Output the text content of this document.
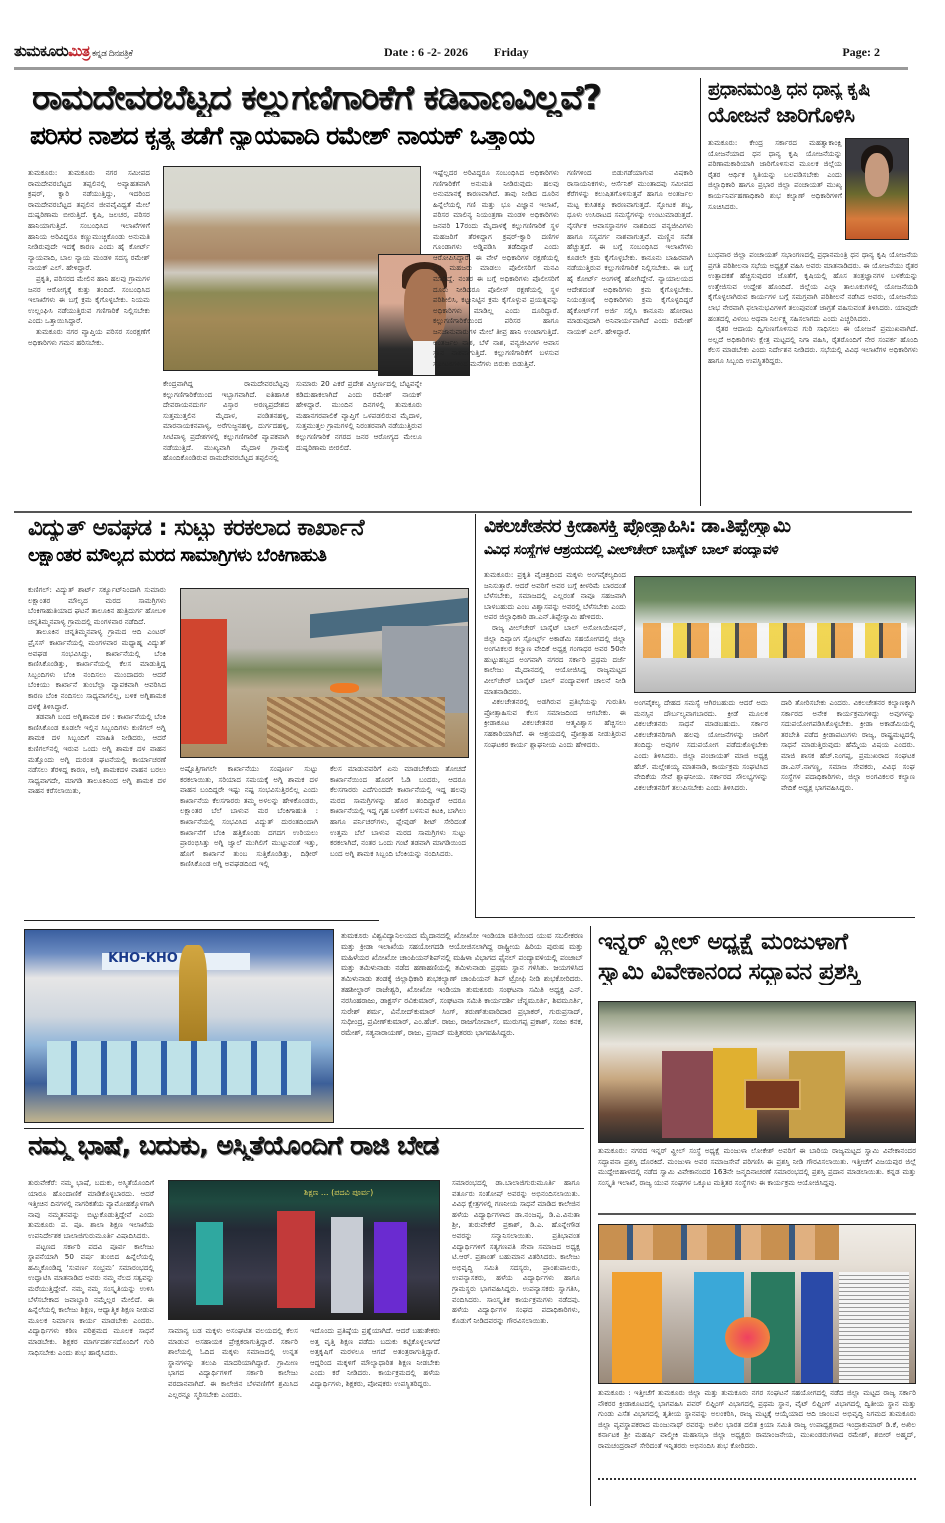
ತುಮಕೂರುಮಿತ್ರ ಕನ್ನಡ ದಿನಪತ್ರಿಕೆ	Date : 6 -2- 2026 Friday	Page: 2
ರಾಮದೇವರಬೆಟ್ಟದ ಕಲ್ಲುಗಣಿಗಾರಿಕೆಗೆ ಕಡಿವಾಣವಿಲ್ಲವೆ?
ಪರಿಸರ ನಾಶದ ಕೃತ್ಯ ತಡೆಗೆ ನ್ಯಾಯವಾದಿ ರಮೇಶ್ ನಾಯಕ್ ಒತ್ತಾಯ

ತುಮಕೂರು: ತುಮಕೂರು ನಗರ ಸಮೀಪದ ರಾಮದೇವರಬೆಟ್ಟದ ತಪ್ಪಲಿನಲ್ಲಿ ಅವ್ಯಾಹತವಾಗಿ ಕ್ರಷರ್, ಕ್ವಾರಿ ನಡೆಯುತ್ತಿದ್ದು, ಇದರಿಂದ ರಾಮದೇವರಬೆಟ್ಟದ ತಪ್ಪಲಿನ ಜೀವವೈವಿಧ್ಯತೆ ಮೇಲೆ ದುಷ್ಪರಿಣಾಮ ಬೀರುತ್ತಿದೆ. ಕೃಷಿ, ಜಲಚರ, ಪರಿಸರ ಹಾನಿಯಾಗುತ್ತಿದೆ. ಸಂಬಂಧಿಸಿದ ಇಲಾಖೆಗಳಿಗೆ ಹಾನಿಯ ಅರಿವಿದ್ದರೂ ಕಣ್ಣುಮುಚ್ಚಿಕೊಂಡು ಅನುಮತಿ ನೀಡಿರುವುದೇ ಇದಕ್ಕೆ ಕಾರಣ ಎಂದು ಹೈ ಕೋರ್ಟ್ ನ್ಯಾಯವಾದಿ, ಬಾಲ ನ್ಯಾಯ ಮಂಡಳಿ ಸದಸ್ಯ ರಮೇಶ್ ನಾಯಕ್ ಎಲ್. ಹೇಳಿದ್ದಾರೆ.

ಪ್ರಕೃತಿ, ಪರಿಸರದ ಮೇಲಿನ ಹಾನಿ ಹಲವು ಗ್ರಾಮಗಳ ಜನರ ಆರೋಗ್ಯಕ್ಕೆ ಕುತ್ತು ತಂದಿದೆ. ಸಂಬಂಧಿಸಿದ ಇಲಾಖೆಗಳು ಈ ಬಗ್ಗೆ ಕ್ರಮ ಕೈಗೊಳ್ಳಬೇಕು. ನಿಯಮ ಉಲ್ಲಂಘಿಸಿ ನಡೆಯುತ್ತಿರುವ ಗಣಿಗಾರಿಕೆ ನಿಲ್ಲಿಸಬೇಕು ಎಂದು ಒತ್ತಾಯಿಸಿದ್ದಾರೆ.

ತುಮಕೂರು ನಗರ ವ್ಯಾಪ್ತಿಯ ಪರಿಸರ ಸಂರಕ್ಷಣೆಗೆ ಅಧಿಕಾರಿಗಳು ಗಮನ ಹರಿಸಬೇಕು.

ಕೇಂದ್ರವಾಗಿದ್ದ ರಾಮದೇವರಬೆಟ್ಟವು ಕಲ್ಲುಗಣಿಗಾರಿಕೆಯಿಂದ ಇಬ್ಭಾಗವಾಗಿದೆ. ಐತಿಹಾಸಿಕ ದೇವರಾಯನದುರ್ಗ ವಿಸ್ತಾರ ಅರಣ್ಯಪ್ರದೇಶದ ಸುತ್ತಮುತ್ತಲಿನ ಮೈದಾಳ, ಪಂಡಿತನಹಳ್ಳಿ, ಮಾರನಾಯಕನಪಾಳ್ಯ, ಅರೆಗುಜ್ಜನಹಳ್ಳಿ, ದುರ್ಗದಹಳ್ಳಿ, ಸೀಟಿಪಾಳ್ಯ ಪ್ರದೇಶಗಳಲ್ಲಿ ಕಲ್ಲುಗಣಿಗಾರಿಕೆ ವ್ಯಾಪಕವಾಗಿ ನಡೆಯುತ್ತಿದೆ. ಮುಖ್ಯವಾಗಿ ಮೈದಾಳ ಗ್ರಾಮಕ್ಕೆ ಹೊಂದಿಕೊಂಡಿರುವ ರಾಮದೇವರಬೆಟ್ಟದ ತಪ್ಪಲಿನಲ್ಲಿ

ಸುಮಾರು 20 ಎಕರೆ ಪ್ರದೇಶ ವಿಸ್ತೀರ್ಣದಲ್ಲಿ ಬೆಟ್ಟವನ್ನೇ ಕಡಿದುಹಾಕಲಾಗಿದೆ ಎಂದು ರಮೇಶ್ ನಾಯಕ್ ಹೇಳಿದ್ದಾರೆ. ಮುಂದಿನ ದಿನಗಳಲ್ಲಿ ತುಮಕೂರು ಮಹಾನಗರಪಾಲಿಕೆ ವ್ಯಾಪ್ತಿಗೆ ಒಳಪಡಲಿರುವ ಮೈದಾಳ, ಸುತ್ತಮುತ್ತಲ ಗ್ರಾಮಗಳಲ್ಲಿ ನಿರಂತರವಾಗಿ ನಡೆಯುತ್ತಿರುವ ಕಲ್ಲುಗಣಿಗಾರಿಕೆ ನಗರದ ಜನರ ಆರೋಗ್ಯದ ಮೇಲೂ ದುಷ್ಪರಿಣಾಮ ಬೀರಲಿದೆ.

ಇಷ್ಟೆಲ್ಲದರ ಅರಿವಿದ್ದರೂ ಸಂಬಂಧಿಸಿದ ಅಧಿಕಾರಿಗಳು ಗಣಿಗಾರಿಕೆಗೆ ಅನುಮತಿ ನೀಡಿರುವುದು ಹಲವು ಅನುಮಾನಕ್ಕೆ ಕಾರಣವಾಗಿದೆ. ತಾವು ನೀಡಿದ ದೂರಿನ ಹಿನ್ನೆಲೆಯಲ್ಲಿ ಗಣಿ ಮತ್ತು ಭೂ ವಿಜ್ಞಾನ ಇಲಾಖೆ, ಪರಿಸರ ಮಾಲಿನ್ಯ ನಿಯಂತ್ರಣಾ ಮಂಡಳಿ ಅಧಿಕಾರಿಗಳು ಜನವರಿ 17ರಂದು ಮೈದಾಳಕ್ಕೆ ಕಲ್ಲುಗಣಿಗಾರಿಕೆ ಸ್ಥಳ ಮಹಜರಿಗೆ ತೆರಳಿದ್ದಾಗ ಕ್ರಷರ್-ಕ್ವಾರಿ ದಣಿಗಳ ಗೂಂಡಾಗಳು ಅಡ್ಡಿಪಡಿಸಿ ತಡೆದಿದ್ದಾರೆ ಎಂದು ಆರೋಪಿಸಿದ್ದಾರೆ. ಈ ವೇಳೆ ಅಧಿಕಾರಿಗಳ ರಕ್ಷಣೆಯಲ್ಲಿ ಸ್ಥಳ ಮಹಜರು ಮಾಡಲು ಪೊಲೀಸರಿಗೆ ಮನವಿ ಮಾಡಿದ್ದೆ. ನಂತರ ಈ ಬಗ್ಗೆ ಅಧಿಕಾರಿಗಳು ಪೊಲೀಸರಿಗೆ ದೂರು ನೀಡಿದರೂ ಪೊಲೀಸ್ ರಕ್ಷಣೆಯಲ್ಲಿ ಸ್ಥಳ ಪರಿಶೀಲಿಸಿ, ಕಟ್ಟುನಿಟ್ಟಿನ ಕ್ರಮ ಕೈಗೊಳ್ಳುವ ಪ್ರಯತ್ನವನ್ನು ಅಧಿಕಾರಿಗಳು ಮಾಡಿಲ್ಲ ಎಂದು ದೂರಿದ್ದಾರೆ. ಕಲ್ಲುಗಣಿಗಾರಿಕೆಯಿಂದ ಪರಿಸರ ಹಾಗೂ ಜನಜಾನುವಾರುಗಳ ಮೇಲೆ ತೀವ್ರ ಹಾನಿ ಉಂಟಾಗುತ್ತಿದೆ. ಅಂತರ್ಜಲ ನಾಶ, ಬೆಳೆ ನಾಶ, ವನ್ಯಜೀವಿಗಳ ಆವಾಸ ಸ್ಥಾನ ನಾಶವಾಗುತ್ತಿದೆ. ಕಲ್ಲುಗಣಿಗಾರಿಕೆಗೆ ಬಳಸುವ ಸ್ಫೋಟಕಗಳಿಂದ ಮನೆಗಳು ಬಿರುಕು ಬಿಡುತ್ತಿವೆ.

ಗಣಿಗಳಿಂದ ಬಿಡುಗಡೆಯಾಗುವ ವಿಷಕಾರಿ ರಾಸಾಯನಿಕಗಳು, ಆರ್ಸೆನಿಕ್ ಮುಂತಾದವು ಸಮೀಪದ ಕೆರೆಗಳನ್ನು ಕಲುಷಿತಗೊಳಿಸುತ್ತವೆ ಹಾಗೂ ಅಂತರ್ಜಲ ಮಟ್ಟ ಕುಸಿತಕ್ಕೂ ಕಾರಣವಾಗುತ್ತದೆ. ಸ್ಫೋಟಕ ಶಬ್ದ, ಧೂಳು ಉಸಿರಾಟದ ಸಮಸ್ಯೆಗಳನ್ನು ಉಂಟುಮಾಡುತ್ತದೆ. ನೈಸರ್ಗಿಕ ಆವಾಸಸ್ಥಾನಗಳ ನಾಶದಿಂದ ವನ್ಯಜೀವಿಗಳು ಹಾಗೂ ಸಸ್ಯವರ್ಗ ನಾಶವಾಗುತ್ತವೆ. ಮಣ್ಣಿನ ಸವೆತ ಹೆಚ್ಚುತ್ತದೆ. ಈ ಬಗ್ಗೆ ಸಂಬಂಧಿಸಿದ ಇಲಾಖೆಗಳು ಕೂಡಲೇ ಕ್ರಮ ಕೈಗೊಳ್ಳಬೇಕು. ಕಾನೂನು ಬಾಹಿರವಾಗಿ ನಡೆಯುತ್ತಿರುವ ಕಲ್ಲುಗಣಿಗಾರಿಕೆ ನಿಲ್ಲಿಸಬೇಕು. ಈ ಬಗ್ಗೆ ಹೈ ಕೋರ್ಟ್ ಅಂಗಳಕ್ಕೆ ಹೋಗಿದ್ದೇನೆ. ನ್ಯಾಯಾಲಯದ ಆದೇಶದಂತೆ ಅಧಿಕಾರಿಗಳು ಕ್ರಮ ಕೈಗೊಳ್ಳಬೇಕು. ನಿಯಂತ್ರಣಕ್ಕೆ ಅಧಿಕಾರಿಗಳು ಕ್ರಮ ಕೈಗೊಳ್ಳದಿದ್ದರೆ ಹೈಕೋರ್ಟ್‌ಗೆ ಅರ್ಜಿ ಸಲ್ಲಿಸಿ ಕಾನೂನು ಹೋರಾಟ ಮಾಡುವುದಾಗಿ ಅನಿವಾರ್ಯವಾಗಿದೆ ಎಂದು ರಮೇಶ್ ನಾಯಕ್ ಎಲ್. ಹೇಳಿದ್ದಾರೆ.

ಪ್ರಧಾನಮಂತ್ರಿ ಧನ ಧಾನ್ಯ ಕೃಷಿ
ಯೋಜನೆ ಜಾರಿಗೊಳಿಸಿ

ತುಮಕೂರು: ಕೇಂದ್ರ ಸರ್ಕಾರದ ಮಹತ್ವಾಕಾಂಕ್ಷಿ ಯೋಜನೆಯಾದ ಧನ ಧಾನ್ಯ ಕೃಷಿ ಯೋಜನೆಯನ್ನು ಪರಿಣಾಮಕಾರಿಯಾಗಿ ಜಾರಿಗೊಳಿಸುವ ಮೂಲಕ ಜಿಲ್ಲೆಯ ರೈತರ ಆರ್ಥಿಕ ಸ್ಥಿತಿಯನ್ನು ಬಲಪಡಿಸಬೇಕು ಎಂದು ಜಿಲ್ಲಾಧಿಕಾರಿ ಹಾಗೂ ಪ್ರಭಾರ ಜಿಲ್ಲಾ ಪಂಚಾಯತ್ ಮುಖ್ಯ ಕಾರ್ಯನಿರ್ವಹಣಾಧಿಕಾರಿ ಶುಭ ಕಲ್ಯಾಣ್ ಅಧಿಕಾರಿಗಳಿಗೆ ಸೂಚಿಸಿದರು.

ಬುಧವಾರ ಜಿಲ್ಲಾ ಪಂಚಾಯತ್ ಸಭಾಂಗಣದಲ್ಲಿ ಪ್ರಧಾನಮಂತ್ರಿ ಧನ ಧಾನ್ಯ ಕೃಷಿ ಯೋಜನೆಯ ಪ್ರಗತಿ ಪರಿಶೀಲನಾ ಸಭೆಯ ಅಧ್ಯಕ್ಷತೆ ವಹಿಸಿ ಅವರು ಮಾತನಾಡಿದರು. ಈ ಯೋಜನೆಯು ರೈತರ ಉತ್ಪಾದಕತೆ ಹೆಚ್ಚಿಸುವುದರ ಜೊತೆಗೆ, ಕೃಷಿಯಲ್ಲಿ ಹೊಸ ತಂತ್ರಜ್ಞಾನಗಳ ಬಳಕೆಯನ್ನು ಉತ್ತೇಜಿಸುವ ಉದ್ದೇಶ ಹೊಂದಿದೆ. ಜಿಲ್ಲೆಯ ಎಲ್ಲಾ ತಾಲೂಕುಗಳಲ್ಲಿ ಯೋಜನೆಯಡಿ ಕೈಗೊಳ್ಳಲಾಗಿರುವ ಕಾರ್ಯಗಳ ಬಗ್ಗೆ ಸಮಗ್ರವಾಗಿ ಪರಿಶೀಲನೆ ನಡೆಸಿದ ಅವರು, ಯೋಜನೆಯ ಲಾಭ ನೇರವಾಗಿ ಫಲಾನುಭವಿಗಳಿಗೆ ತಲುಪುವಂತೆ ಜಾಗ್ರತೆ ವಹಿಸುವಂತೆ ತಿಳಿಸಿದರು. ಯಾವುದೇ ಹಂತದಲ್ಲಿ ವಿಳಂಬ ಅಥವಾ ನಿರ್ಲಕ್ಷ್ಯ ಸಹಿಸಲಾಗದು ಎಂದು ಎಚ್ಚರಿಸಿದರು.

ರೈತರ ಆದಾಯ ದ್ವಿಗುಣಗೊಳಿಸುವ ಗುರಿ ಸಾಧಿಸಲು ಈ ಯೋಜನೆ ಪ್ರಮುಖವಾಗಿದೆ. ಅಲ್ಲದೆ ಅಧಿಕಾರಿಗಳು ಕ್ಷೇತ್ರ ಮಟ್ಟದಲ್ಲಿ ನಿಗಾ ವಹಿಸಿ, ರೈತರೊಂದಿಗೆ ನೇರ ಸಂಪರ್ಕ ಹೊಂದಿ ಕೆಲಸ ಮಾಡಬೇಕು ಎಂದು ನಿರ್ದೇಶನ ನೀಡಿದರು. ಸಭೆಯಲ್ಲಿ ವಿವಿಧ ಇಲಾಖೆಗಳ ಅಧಿಕಾರಿಗಳು ಹಾಗೂ ಸಿಬ್ಬಂದಿ ಉಪಸ್ಥಿತರಿದ್ದರು.

ವಿದ್ಯುತ್ ಅವಘಡ : ಸುಟ್ಟು ಕರಕಲಾದ ಕಾರ್ಖಾನೆ
ಲಕ್ಷಾಂತರ ಮೌಲ್ಯದ ಮರದ ಸಾಮಾಗ್ರಿಗಳು ಬೆಂಕಿಗಾಹುತಿ

ಕುಣಿಗಲ್: ವಿದ್ಯುತ್ ಶಾರ್ಟ್ ಸರ್ಕ್ಯೂಟ್‌ನಿಂದಾಗಿ ಸುಮಾರು ಲಕ್ಷಾಂತರ ಮೌಲ್ಯದ ಮರದ ಸಾಮಗ್ರಿಗಳು ಬೆಂಕಿಗಾಹುತಿಯಾದ ಘಟನೆ ತಾಲೂಕಿನ ಹುತ್ರಿದುರ್ಗ ಹೋಬಳಿ ಚನ್ನತಿಮ್ಮನಪಾಳ್ಯ ಗ್ರಾಮದಲ್ಲಿ ಮಂಗಳವಾರ ನಡೆದಿದೆ.

ತಾಲೂಕಿನ ಚನ್ನತಿಮ್ಮನಪಾಳ್ಯ ಗ್ರಾಮದ ಆದಿ ಎಂಟರ್ ಪ್ರೈಸಸ್ ಕಾರ್ಖಾನೆಯಲ್ಲಿ ಮಂಗಳವಾರ ಮಧ್ಯಾಹ್ನ ವಿದ್ಯುತ್ ಅವಘಡ ಸಂಭವಿಸಿದ್ದು, ಕಾರ್ಖಾನೆಯಲ್ಲಿ ಬೆಂಕಿ ಕಾಣಿಸಿಕೊಂಡಿತ್ತು, ಕಾರ್ಖಾನೆಯಲ್ಲಿ ಕೆಲಸ ಮಾಡುತ್ತಿದ್ದ ಸಿಬ್ಬಂದಿಗಳು ಬೆಂಕಿ ನಂದಿಸಲು ಮುಂದಾದರು ಆದರೆ ಬೆಂಕಿಯು ಕಾರ್ಖಾನೆ ತುಂಬೆಲ್ಲಾ ವ್ಯಾಪಕವಾಗಿ ಆವರಿಸಿದ ಕಾರಣ ಬೆಂಕಿ ನಂದಿಸಲು ಸಾಧ್ಯವಾಗಲಿಲ್ಲ, ಬಳಿಕ ಅಗ್ನಿಶಾಮಕ ದಳಕ್ಕೆ ತಿಳಿಸಿದ್ದಾರೆ.

ತಡವಾಗಿ ಬಂದ ಅಗ್ನಿಶಾಮಕ ದಳ : ಕಾರ್ಖಾನೆಯಲ್ಲಿ ಬೆಂಕಿ ಕಾಣಿಸಿಕೊಂಡ ಕೂಡಲೇ ಇಲ್ಲಿನ ಸಿಬ್ಬಂದಿಗಳು ಕುಣಿಗಲ್ ಅಗ್ನಿ ಶಾಮಕ ದಳ ಸಿಬ್ಬಂದಿಗೆ ಮಾಹಿತಿ ನೀಡಿದರು, ಆದರೆ ಕುಣಿಗಲ್‌ನಲ್ಲಿ ಇರುವ ಒಂದು ಅಗ್ನಿ ಶಾಮಕ ದಳ ವಾಹನ ಮತ್ತೊಂದು ಅಗ್ನಿ ದುರಂತ ಘಟನೆಯಲ್ಲಿ ಕಾರ್ಯಾಚರಣೆ ನಡೆಸಲು ತೆರಳಿದ್ದ ಕಾರಣ, ಅಗ್ನಿ ಶಾಮಕದಳ ವಾಹನ ಬರಲು ಸಾಧ್ಯವಾಗದೇ, ಮಾಗಡಿ ತಾಲೂಕಿನಿಂದ ಅಗ್ನಿ ಶಾಮಕ ದಳ ವಾಹನ ಕರೆಸಲಾಯಿತು,

ಅಷ್ಟೊತ್ತಿಗಾಗಲೇ ಕಾರ್ಖಾನೆಯು ಸಂಪೂರ್ಣ ಸುಟ್ಟು ಕರಕಲಾಯಿತು, ಸರಿಯಾದ ಸಮಯಕ್ಕೆ ಅಗ್ನಿ ಶಾಮಕ ದಳ ವಾಹನ ಬಂದಿದ್ದರೇ ಇಷ್ಟು ನಷ್ಟ ಸಂಭವಿಸುತ್ತಿರಲಿಲ್ಲ ಎಂದು ಕಾರ್ಖಾನೆಯ ಕೆಲಸಗಾರರು ತಮ್ಮ ಅಳಲನ್ನು ಹೇಳಿಕೊಂಡರು, ಲಕ್ಷಾಂತರ ಬೆಲೆ ಬಾಳುವ ಮರ ಬೆಂಕಿಗಾಹುತಿ : ಕಾರ್ಖಾನೆಯಲ್ಲಿ ಸಂಭವಿಸಿದ ವಿದ್ಯುತ್ ದುರಂತದಿಂದಾಗಿ ಕಾರ್ಖಾನೆಗೆ ಬೆಂಕಿ ಹತ್ತಿಕೊಂಡು ದಗದಗ ಉರಿಯಲು ಪ್ರಾರಂಭಿಸಿತ್ತು ಅಗ್ನಿ ಜ್ವಾಲೆ ಮುಗಿಲಿಗೆ ಮುಟ್ಟುವಂತೆ ಇತ್ತು, ಹೊಗೆ ಕಾರ್ಖಾನೆ ತುಂಬ ಸುತ್ತಿಕೊಂಡಿತ್ತು, ದಿಢೀರ್ ಕಾಣಿಸಿಕೊಂಡ ಅಗ್ನಿ ಅವಘಡದಿಂದ ಇಲ್ಲಿ

ಕೆಲಸ ಮಾಡುವವರಿಗೆ ಏನು ಮಾಡಬೇಕೆಂದು ತೋಚದೆ ಕಾರ್ಖಾನೆಯಿಂದ ಹೊರಗೆ ಓಡಿ ಬಂದರು, ಆದರೂ ಕೆಲಸಗಾರರು ಎದೆಗುಂದದೇ ಕಾರ್ಖಾನೆಯಲ್ಲಿ ಇದ್ದ ಹಲವು ಮರದ ಸಾಮಗ್ರಿಗಳನ್ನು ಹೊರ ತಂದಿದ್ದಾರೆ ಆದರೂ ಕಾರ್ಖಾನೆಯಲ್ಲಿ ಇದ್ದ ಗೃಹ ಬಳಕೆಗೆ ಬಳಸುವ ಕಿಟಕಿ, ಬಾಗಿಲು ಹಾಗೂ ಪರ್ನಿಚರ್‌ಗಳು, ಪ್ಲೇವುಡ್ ಶೀಟ್ ಸೇರಿದಂತೆ ಉತ್ತಮ ಬೆಲೆ ಬಾಳುವ ಮರದ ಸಾಮಗ್ರಿಗಳು ಸುಟ್ಟು ಕರಕಲಾಗಿದೆ, ನಂತರ ಒಂದು ಗಂಟೆ ತಡವಾಗಿ ಮಾಗಡಿಯಿಂದ ಬಂದ ಅಗ್ನಿ ಶಾಮಕ ಸಿಬ್ಬಂದಿ ಬೆಂಕಿಯನ್ನು ನಂದಿಸಿದರು.

ವಿಕಲಚೇತನರ ಕ್ರೀಡಾಸಕ್ತಿ ಪ್ರೋತ್ಸಾಹಿಸಿ: ಡಾ.ತಿಪ್ಪೇಸ್ವಾಮಿ
ವಿವಿಧ ಸಂಸ್ಥೆಗಳ ಆಶ್ರಯದಲ್ಲಿ ವೀಲ್‌ಚೇರ್ ಬಾಸ್ಕೆಟ್ ಬಾಲ್ ಪಂದ್ಯಾವಳಿ

ತುಮಕೂರು: ಪ್ರಕೃತಿ ವೈಚಿತ್ರದಿಂದ ಮಕ್ಕಳು ಅಂಗವೈಕಲ್ಯದಿಂದ ಜನಿಸುತ್ತಾರೆ. ಆದರೆ ಅವರಿಗೆ ಅವರ ಬಗ್ಗೆ ಕೀಳರಿಮೆ ಬಾರದಂತೆ ಬೆಳೆಸಬೇಕು, ಸಮಾಜದಲ್ಲಿ ಎಲ್ಲರಂತೆ ನಾವೂ ಸಹಜವಾಗಿ ಬಾಳಬಹುದು ಎಂಬ ವಿಶ್ವಾಸವನ್ನು ಅವರಲ್ಲಿ ಬೆಳೆಸಬೇಕು ಎಂದು ಅಪರ ಜಿಲ್ಲಾಧಿಕಾರಿ ಡಾ.ಎನ್.ತಿಪ್ಪೇಸ್ವಾಮಿ ಹೇಳಿದರು.

ರಾಜ್ಯ ವೀಲ್‌ಚೇರ್ ಬಾಸ್ಕೆಟ್ ಬಾಲ್ ಅಸೋಸಿಯೇಷನ್, ಜಿಲ್ಲಾ ದಿವ್ಯಾಂಗ ಸ್ಪೋರ್ಟ್ಸ್ ಅಕಾಡೆಮಿ ಸಹಯೋಗದಲ್ಲಿ ಜಿಲ್ಲಾ ಅಂಗವಿಕಲರ ಕಲ್ಯಾಣ ವೇದಿಕೆ ಅಧ್ಯಕ್ಷ ಗಂಗಾಧರ ಅವರ 50ನೇ ಹುಟ್ಟುಹಬ್ಬದ ಅಂಗವಾಗಿ ನಗರದ ಸರ್ಕಾರಿ ಪ್ರಥಮ ದರ್ಜೆ ಕಾಲೇಜು ಮೈದಾನದಲ್ಲಿ ಆಯೋಜಿಸಿದ್ದ ರಾಜ್ಯಮಟ್ಟದ ವೀಲ್‌ಚೇರ್ ಬಾಸ್ಕೆಟ್ ಬಾಲ್ ಪಂದ್ಯಾವಳಿಗೆ ಚಾಲನೆ ನೀಡಿ ಮಾತನಾಡಿದರು.

ವಿಕಲಚೇತನರಲ್ಲಿ ಅಡಗಿರುವ ಪ್ರತಿಭೆಯನ್ನು ಗುರುತಿಸಿ ಪ್ರೋತ್ಸಾಹಿಸುವ ಕೆಲಸ ಸಮಾಜದಿಂದ ಆಗಬೇಕು. ಈ ಕ್ರೀಡಾಕೂಟ ವಿಕಲಚೇತನರ ಆತ್ಮವಿಶ್ವಾಸ ಹೆಚ್ಚಿಸಲು ಸಹಕಾರಿಯಾಗಿದೆ. ಈ ಆಶ್ರಯದಲ್ಲಿ ಪ್ರೋತ್ಸಾಹ ನೀಡುತ್ತಿರುವ ಸಂಘಟಕರ ಕಾರ್ಯ ಶ್ಲಾಘನೀಯ ಎಂದು ಹೇಳಿದರು.

ಅಂಗವೈಕಲ್ಯ ದೇಹದ ಸಮಸ್ಯೆ ಆಗಿರಬಹುದು ಆದರೆ ಅದು ಮನಸ್ಸಿನ ದೌರ್ಬಲ್ಯವಾಗಬಾರದು. ಕ್ರೀಡೆ ಮೂಲಕ ವಿಕಲಚೇತನರು ಸಾಧನೆ ಮಾಡಬಹುದು. ಸರ್ಕಾರ ವಿಕಲಚೇತನರಿಗಾಗಿ ಹಲವು ಯೋಜನೆಗಳನ್ನು ಜಾರಿಗೆ ತಂದಿದ್ದು ಅವುಗಳ ಸದುಪಯೋಗ ಪಡೆದುಕೊಳ್ಳಬೇಕು ಎಂದು ತಿಳಿಸಿದರು. ಜಿಲ್ಲಾ ಪಂಚಾಯತ್ ಮಾಜಿ ಅಧ್ಯಕ್ಷ ಹೆಚ್. ಮಲ್ಲೇಶಯ್ಯ ಮಾತನಾಡಿ, ಕಾರ್ಯಕ್ರಮ ಸಂಘಟಿಸಿದ ವೇದಿಕೆಯ ಸೇವೆ ಶ್ಲಾಘನೀಯ. ಸರ್ಕಾರದ ಸೌಲಭ್ಯಗಳನ್ನು ವಿಕಲಚೇತನರಿಗೆ ತಲುಪಿಸಬೇಕು ಎಂದು ತಿಳಿಸಿದರು.

ದಾರಿ ತೋರಿಸಬೇಕು ಎಂದರು. ವಿಕಲಚೇತನರ ಕಲ್ಯಾಣಕ್ಕಾಗಿ ಸರ್ಕಾರದ ಅನೇಕ ಕಾರ್ಯಕ್ರಮಗಳಿದ್ದು ಅವುಗಳನ್ನು ಸದುಪಯೋಗಪಡಿಸಿಕೊಳ್ಳಬೇಕು. ಕ್ರೀಡಾ ಅಕಾಡೆಮಿಯಲ್ಲಿ ತರಬೇತಿ ಪಡೆದ ಕ್ರೀಡಾಪಟುಗಳು ರಾಜ್ಯ, ರಾಷ್ಟ್ರಮಟ್ಟದಲ್ಲಿ ಸಾಧನೆ ಮಾಡುತ್ತಿರುವುದು ಹೆಮ್ಮೆಯ ವಿಷಯ ಎಂದರು. ಮಾಜಿ ಶಾಸಕ ಹೆಚ್.ನಿಂಗಪ್ಪ, ಪ್ರಮುಖರಾದ ಸಂಘಟಕ ಡಾ.ಎಸ್.ನಾಗಣ್ಣ, ಸಮಾಜ ಸೇವಕರು, ವಿವಿಧ ಸಂಘ ಸಂಸ್ಥೆಗಳ ಪದಾಧಿಕಾರಿಗಳು, ಜಿಲ್ಲಾ ಅಂಗವಿಕಲರ ಕಲ್ಯಾಣ ವೇದಿಕೆ ಅಧ್ಯಕ್ಷ ಭಾಗವಹಿಸಿದ್ದರು.

KHO-KHO

ತುಮಕೂರು ವಿಶ್ವವಿದ್ಯಾನಿಲಯದ ಮೈದಾನದಲ್ಲಿ ಖೋಖೋ ಇಂಡಿಯಾ ವತಿಯಿಂದ ಯುವ ಸಬಲೀಕರಣ ಮತ್ತು ಕ್ರೀಡಾ ಇಲಾಖೆಯ ಸಹಯೋಗದಡಿ ಆಯೋಜಿಸಲಾಗಿದ್ದ ರಾಷ್ಟ್ರೀಯ ಹಿರಿಯ ಪುರುಷ ಮತ್ತು ಮಹಿಳೆಯರ ಖೋಖೋ ಚಾಂಪಿಯನ್‌ಶಿಪ್‌ನಲ್ಲಿ ಮಹಿಳಾ ವಿಭಾಗದ ಫೈನಲ್ ಪಂದ್ಯಾವಳಿಯಲ್ಲಿ ಪಂಜಾಬ್ ಮತ್ತು ತಮಿಳುನಾಡು ನಡೆದ ಹಣಾಹಣಿಯಲ್ಲಿ ತಮಿಳುನಾಡು ಪ್ರಥಮ ಸ್ಥಾನ ಗಳಿಸಿತು. ಜಯಗಳಿಸಿದ ತಮಿಳುನಾಡು ತಂಡಕ್ಕೆ ಜಿಲ್ಲಾಧಿಕಾರಿ ಶುಭಕಲ್ಯಾಣ್ ಚಾಂಪಿಯನ್ ಶಿಪ್ ಟ್ರೋಫಿ ನೀಡಿ ಶುಭಕೋರಿದರು. ತಹಶೀಲ್ದಾರ್ ರಾಜೇಶ್ವರಿ, ಖೋಖೋ ಇಂಡಿಯಾ ತುಮಕೂರು ಸಂಘಟನಾ ಸಮಿತಿ ಅಧ್ಯಕ್ಷ ಎನ್. ನರಸಿಂಹರಾಜು, ಡಾಕ್ಟರ್ಸ್ ರವಿಕುಮಾರ್, ಸಂಘಟನಾ ಸಮಿತಿ ಕಾರ್ಯದರ್ಶಿ ಚೆನ್ನಮೂರ್ತಿ, ಶಿವಮೂರ್ತಿ, ಸುರೇಶ್ ಶರ್ಮ, ವಿನೋದ್‌ಕುಮಾರ್ ಸಿಂಗ್, ತರುಣ್‌ತುವಾರಿದಾರ ಪ್ರಭಾಕರ್, ಗುರುಪ್ರಸಾದ್, ಸುಧೀಂದ್ರ, ಪ್ರವೀಣ್‌ಕುಮಾರ್, ಎಂ.ಹೆಚ್. ರಾಜು, ರಾಜಗೋಪಾಲ್, ಮುರುಗಪ್ಪ ಪ್ರಕಾಶ್, ಸಂಜು ಕನಕ, ರಮೇಶ್, ಸತ್ಯನಾರಾಯಣ್, ರಾಜು, ಪ್ರಸಾದ್ ಮತ್ತಿತರರು ಭಾಗವಹಿಸಿದ್ದರು.

ಇನ್ನರ್ ವ್ಹೀಲ್ ಅಧ್ಯಕ್ಷೆ ಮಂಜುಳಾಗೆ
ಸ್ವಾಮಿ ವಿವೇಕಾನಂದ ಸದ್ಭಾವನ ಪ್ರಶಸ್ತಿ

ತುಮಕೂರು: ನಗರದ ಇನ್ನರ್ ವ್ಹೀಲ್ ಸಂಸ್ಥೆ ಅಧ್ಯಕ್ಷೆ ಮಂಜುಳಾ ಲೋಕೇಶ್ ಅವರಿಗೆ ಈ ಬಾರಿಯ ರಾಜ್ಯಮಟ್ಟದ ಸ್ವಾಮಿ ವಿವೇಕಾನಂದರ ಸದ್ಭಾವನಾ ಪ್ರಶಸ್ತಿ ದೊರಕಿದೆ. ಮಂಜುಳಾ ಅವರ ಸಮಾಜಸೇವೆ ಪರಿಗಣಿಸಿ ಈ ಪ್ರಶಸ್ತಿ ನೀಡಿ ಗೌರವಿಸಲಾಯಿತು. ಇತ್ತೀಚೆಗೆ ವಿಜಯಪುರ ಜಿಲ್ಲೆ ಮುದ್ದೇಬಿಹಾಳದಲ್ಲಿ ನಡೆದ ಸ್ವಾಮಿ ವಿವೇಕಾನಂದರ 163ನೇ ಜನ್ಮದಿನಾಚರಣೆ ಸಮಾರಂಭದಲ್ಲಿ ಪ್ರಶಸ್ತಿ ಪ್ರದಾನ ಮಾಡಲಾಯಿತು. ಕನ್ನಡ ಮತ್ತು ಸಂಸ್ಕೃತಿ ಇಲಾಖೆ, ರಾಜ್ಯ ಯುವ ಸಂಘಗಳ ಒಕ್ಕೂಟ ಮತ್ತಿತರ ಸಂಸ್ಥೆಗಳು ಈ ಕಾರ್ಯಕ್ರಮ ಆಯೋಜಿಸಿದ್ದವು.

ನಮ್ಮ ಭಾಷೆ, ಬದುಕು, ಅಸ್ಮಿತೆಯೊಂದಿಗೆ ರಾಜಿ ಬೇಡ

ತುರುವೇಕೆರೆ: ನಮ್ಮ ಭಾಷೆ, ಬದುಕು, ಅಸ್ಮಿತೆಯೊಂದಿಗೆ ಯಾರೂ ಹೊಂದಾಣಿಕೆ ಮಾಡಿಕೊಳ್ಳಬಾರದು. ಆದರೆ ಇತ್ತೀಚಿನ ದಿನಗಳಲ್ಲಿ ನಾಗರಿಕತೆಯ ವ್ಯಾಮೋಹಕ್ಕೊಳಗಾಗಿ ನಾವು ನಮ್ಮತನವನ್ನು ಬಿಟ್ಟುಕೊಡುತ್ತಿದ್ದೇವೆ ಎಂದು ತುಮಕೂರು ಪ. ಪೂ. ಶಾಲಾ ಶಿಕ್ಷಣ ಇಲಾಖೆಯ ಉಪನಿರ್ದೇಶಕ ಬಾಲಾಜಿಗುರುಮೂರ್ತಿ ವಿಷಾದಿಸಿದರು.

ಪಟ್ಟಣದ ಸರ್ಕಾರಿ ಪದವಿ ಪೂರ್ವ ಕಾಲೇಜು ಸ್ಥಾಪನೆಯಾಗಿ 50 ವರ್ಷ ತುಂಬಿದ ಹಿನ್ನೆಲೆಯಲ್ಲಿ ಹಮ್ಮಿಕೊಂಡಿದ್ದ ‘ಸುವರ್ಣ ಸಂಭ್ರಮ’ ಸಮಾರಂಭದಲ್ಲಿ ಉದ್ಘಾಟಿಸಿ ಮಾತನಾಡಿದ ಅವರು ನಮ್ಮ ನೆಲದ ಸತ್ವವನ್ನು ಮರೆಯುತ್ತಿದ್ದೇವೆ. ನಮ್ಮ ನಮ್ಮ ಸಂಸ್ಕೃತಿಯನ್ನು ಉಳಿಸಿ ಬೆಳೆಸಬೇಕಾದ ಜವಾಬ್ದಾರಿ ನಮ್ಮೆಲ್ಲರ ಮೇಲಿದೆ. ಈ ಹಿನ್ನೆಲೆಯಲ್ಲಿ ಕಾಲೇಜು ಶಿಕ್ಷಣ, ಆಧ್ಯಾತ್ಮಿಕ ಶಿಕ್ಷಣ ನೀಡುವ ಮೂಲಕ ನಿರ್ಮಾಣ ಕಾರ್ಯ ಮಾಡಬೇಕು ಎಂದರು. ವಿದ್ಯಾರ್ಥಿಗಳು ಕಠಿಣ ಪರಿಶ್ರಮದ ಮೂಲಕ ಸಾಧನೆ ಮಾಡಬೇಕು. ಶಿಕ್ಷಕರ ಮಾರ್ಗದರ್ಶನದೊಂದಿಗೆ ಗುರಿ ಸಾಧಿಸಬೇಕು ಎಂದು ಶುಭ ಹಾರೈಸಿದರು.

ಶಿಕ್ಷಣ ... (ಪದವಿ ಪೂರ್ವ)

ಸಾಮಾನ್ಯ ಬಡ ಮಕ್ಕಳು ಅಸಂಘಟಿತ ವಲಯದಲ್ಲಿ ಕೆಲಸ ಮಾಡುವ ಅಸಹಾಯಕ ಪ್ರೇಕ್ಷಕರಾಗುತ್ತಿದ್ದಾರೆ. ಸರ್ಕಾರಿ ಶಾಲೆಯಲ್ಲಿ ಓದಿದ ಮಕ್ಕಳು ಸಮಾಜದಲ್ಲಿ ಉನ್ನತ ಸ್ಥಾನಗಳನ್ನು ತಲುಪಿ ಮಾದರಿಯಾಗಿದ್ದಾರೆ. ಗ್ರಾಮೀಣ ಭಾಗದ ವಿದ್ಯಾರ್ಥಿಗಳಿಗೆ ಸರ್ಕಾರಿ ಕಾಲೇಜು ವರದಾನವಾಗಿದೆ. ಈ ಕಾಲೇಜಿನ ಬೆಳವಣಿಗೆಗೆ ಶ್ರಮಿಸಿದ ಎಲ್ಲರನ್ನೂ ಸ್ಮರಿಸಬೇಕು ಎಂದರು.

ಇದೊಂದು ಪ್ರತಿಷ್ಠೆಯ ಪ್ರಶ್ನೆಯಾಗಿದೆ. ಆದರೆ ಬಹುತೇಕರು ಅತ್ತ ವೃತ್ತಿ ಶಿಕ್ಷಣ ಪಡೆದು ಬದುಕು ಕಟ್ಟಿಕೊಳ್ಳಲಾಗದೆ ಅತ್ತಕೃಷಿಗೆ ಮರಳಲೂ ಆಗದೆ ಅತಂತ್ರರಾಗುತ್ತಿದ್ದಾರೆ. ಆದ್ದರಿಂದ ಮಕ್ಕಳಿಗೆ ಮೌಲ್ಯಾಧಾರಿತ ಶಿಕ್ಷಣ ನೀಡಬೇಕು ಎಂದು ಕರೆ ನೀಡಿದರು. ಕಾರ್ಯಕ್ರಮದಲ್ಲಿ ಹಳೆಯ ವಿದ್ಯಾರ್ಥಿಗಳು, ಶಿಕ್ಷಕರು, ಪೋಷಕರು ಉಪಸ್ಥಿತರಿದ್ದರು.

ಸಮಾರಂಭದಲ್ಲಿ ಡಾ.ಬಾಲಾಜಿಗುರುಮೂರ್ತಿ ಹಾಗೂ ವರ್ತೂರು ಸಂತೋಷ್ ಅವರನ್ನು ಅಭಿನಂದಿಸಲಾಯಿತು. ವಿವಿಧ ಕ್ಷೇತ್ರಗಳಲ್ಲಿ ಗಣನೀಯ ಸಾಧನೆ ಮಾಡಿದ ಕಾಲೇಜಿನ ಹಳೆಯ ವಿದ್ಯಾರ್ಥಿಗಳಾದ ಡಾ.ನಂಜಪ್ಪ, ಡಿ.ಎ.ವಿನುತಾ ಶ್ರೀ, ತುರುವೇಕೆರೆ ಪ್ರಕಾಶ್, ಡಿ.ಎ. ಹೊನ್ನೇಗೌಡ ಅವರನ್ನು ಸನ್ಮಾನಿಸಲಾಯಿತು. ಪ್ರತಿಭಾವಂತ ವಿದ್ಯಾರ್ಥಿಗಳಿಗೆ ಸತ್ಯಗಣಪತಿ ಸೇವಾ ಸಮಾಜದ ಅಧ್ಯಕ್ಷ ಟಿ.ಆರ್. ಪ್ರಶಾಂತ್ ಬಹುಮಾನ ವಿತರಿಸಿದರು. ಕಾಲೇಜು ಅಭಿವೃದ್ಧಿ ಸಮಿತಿ ಸದಸ್ಯರು, ಪ್ರಾಂಶುಪಾಲರು, ಉಪನ್ಯಾಸಕರು, ಹಳೆಯ ವಿದ್ಯಾರ್ಥಿಗಳು ಹಾಗೂ ಗ್ರಾಮಸ್ಥರು ಭಾಗವಹಿಸಿದ್ದರು. ಉಪನ್ಯಾಸಕರು ಸ್ವಾಗತಿಸಿ, ವಂದಿಸಿದರು. ಸಾಂಸ್ಕೃತಿಕ ಕಾರ್ಯಕ್ರಮಗಳು ನಡೆದವು. ಹಳೆಯ ವಿದ್ಯಾರ್ಥಿಗಳ ಸಂಘದ ಪದಾಧಿಕಾರಿಗಳು, ಕೊಡುಗೆ ನೀಡಿದವರನ್ನು ಗೌರವಿಸಲಾಯಿತು.

ತುಮಕೂರು : ಇತ್ತೀಚೆಗೆ ತುಮಕೂರು ಜಿಲ್ಲಾ ಮತ್ತು ತುಮಕೂರು ನಗರ ಸಂಘಟನೆ ಸಹಯೋಗದಲ್ಲಿ ನಡೆದ ಜಿಲ್ಲಾ ಮಟ್ಟದ ರಾಜ್ಯ ಸರ್ಕಾರಿ ನೌಕರರ ಕ್ರೀಡಾಕೂಟದಲ್ಲಿ ಭಾಗವಹಿಸಿ ಪವರ್ ಲಿಫ್ಟಿಂಗ್ ವಿಭಾಗದಲ್ಲಿ ಪ್ರಥಮ ಸ್ಥಾನ, ವೈಟ್ ಲಿಫ್ಟಿಂಗ್ ವಿಭಾಗದಲ್ಲಿ ದ್ವಿತೀಯ ಸ್ಥಾನ ಮತ್ತು ಗುಂಡು ಎಸೆತ ವಿಭಾಗದಲ್ಲಿ ತೃತೀಯ ಸ್ಥಾನವನ್ನು ಅಲಂಕರಿಸಿ, ರಾಜ್ಯ ಮಟ್ಟಕ್ಕೆ ಆಯ್ಕೆಯಾದ ಆದಿ ಜಾಂಬವ ಅಭಿವೃದ್ಧಿ ನಿಗಮದ ತುಮಕೂರು ಜಿಲ್ಲಾ ವ್ಯವಸ್ಥಾಪಕರಾದ ಮಂಜುನಾಥ್ ರವರನ್ನು ಅಖಿಲ ಭಾರತ ದಲಿತ ಕ್ರಿಯಾ ಸಮಿತಿ ರಾಜ್ಯ ಉಪಾಧ್ಯಕ್ಷರಾದ ಇಂದ್ರಾಕುಮಾರ್ ಡಿ.ಕೆ, ಅಖಿಲ ಕರ್ನಾಟಕ ಶ್ರೀ ಮಹರ್ಷಿ ವಾಲ್ಮೀಕಿ ಮಹಾಸಭಾ ಜಿಲ್ಲಾ ಅಧ್ಯಕ್ಷರು ರಾಮಾಂಜನೇಯ, ಮುಖಂಡರುಗಳಾದ ರಮೇಶ್, ಶಬೀರ್ ಅಹ್ಮದ್, ರಾಮಚಂದ್ರರಾವ್ ಸೇರಿದಂತೆ ಇನ್ನಿತರರು ಅಭಿನಂದಿಸಿ ಶುಭ ಕೋರಿದರು.
